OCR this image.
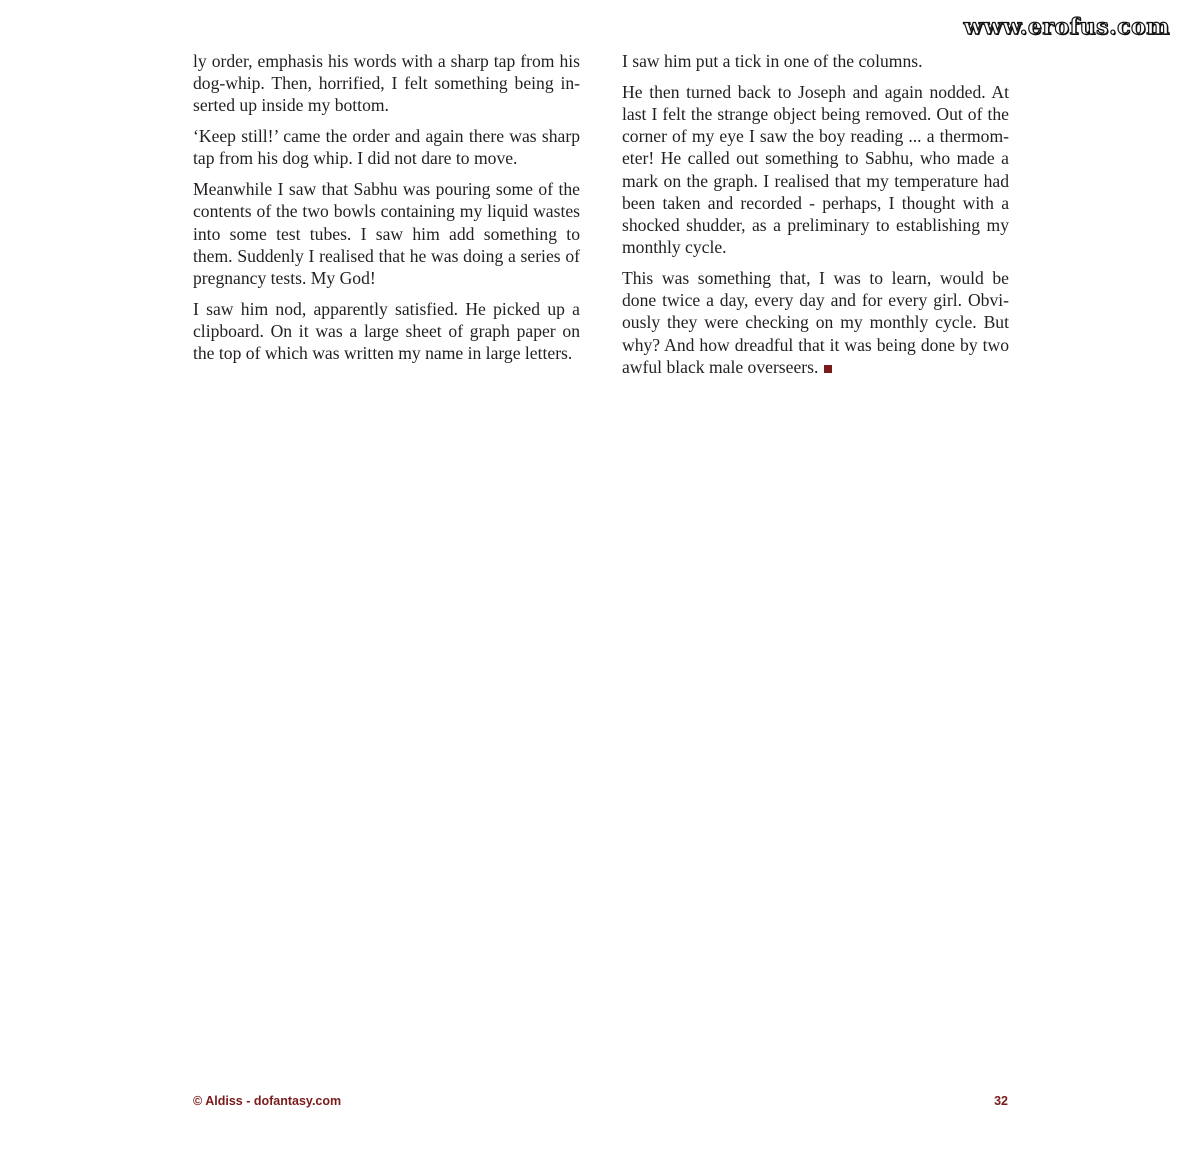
www.erofus.com

ly order, emphasis his words with a sharp tap from his dog-whip. Then, horrified, I felt something being inserted up inside my bottom.

‘Keep still!’ came the order and again there was sharp tap from his dog whip. I did not dare to move.

Meanwhile I saw that Sabhu was pouring some of the contents of the two bowls containing my liquid wastes into some test tubes. I saw him add something to them. Suddenly I realised that he was doing a series of pregnancy tests. My God!

I saw him nod, apparently satisfied. He picked up a clipboard. On it was a large sheet of graph paper on the top of which was written my name in large letters.

I saw him put a tick in one of the columns.

He then turned back to Joseph and again nodded. At last I felt the strange object being removed. Out of the corner of my eye I saw the boy reading ... a thermometer! He called out something to Sabhu, who made a mark on the graph. I realised that my temperature had been taken and recorded - perhaps, I thought with a shocked shudder, as a preliminary to establishing my monthly cycle.

This was something that, I was to learn, would be done twice a day, every day and for every girl. Obviously they were checking on my monthly cycle. But why? And how dreadful that it was being done by two awful black male overseers.

© Aldiss - dofantasy.com	32
